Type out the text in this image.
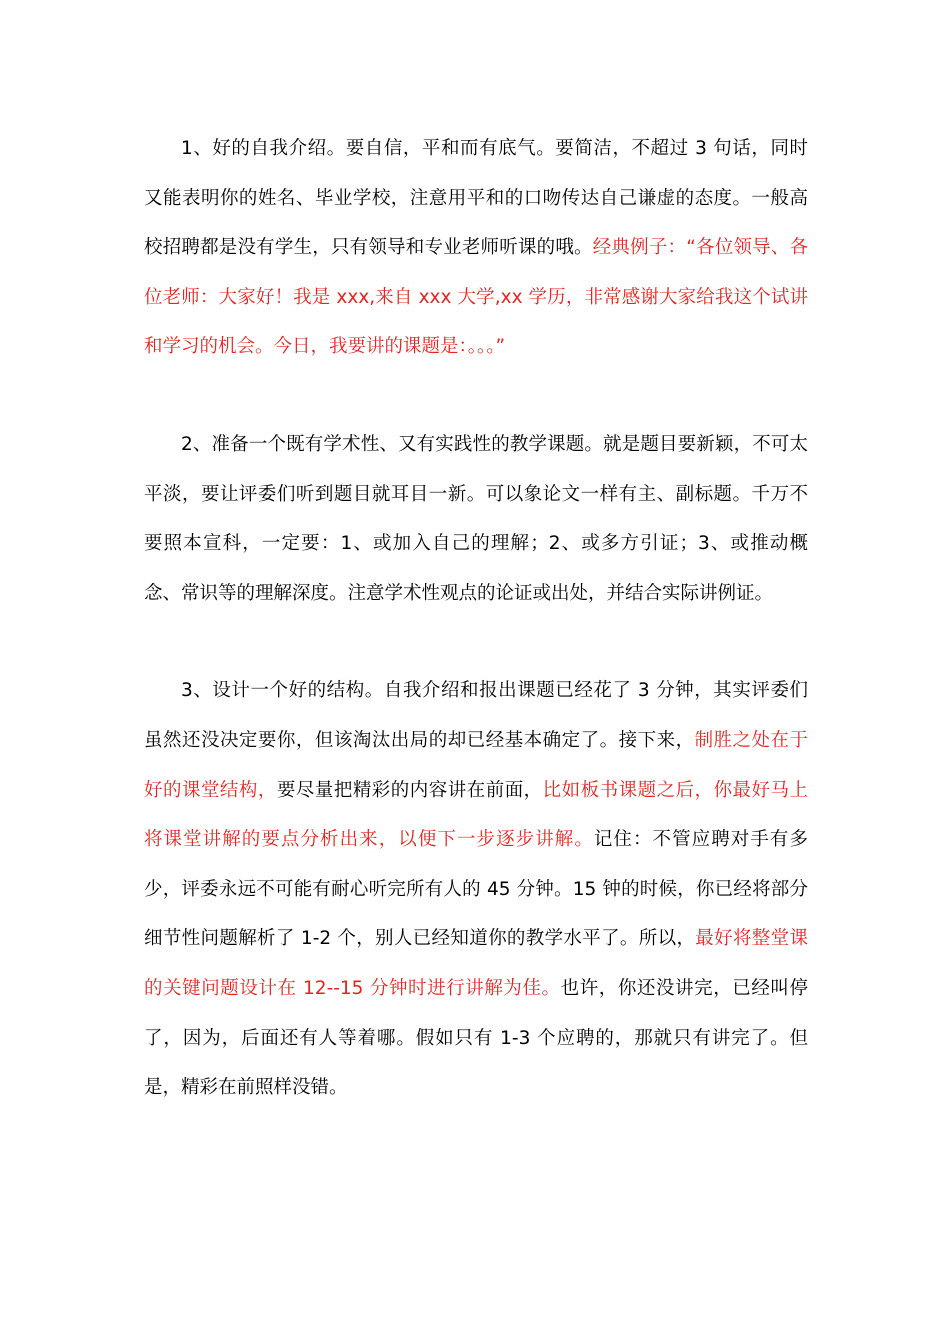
1、好的自我介绍。要自信，平和而有底气。要简洁，不超过 3 句话，同时又能表明你的姓名、毕业学校，注意用平和的口吻传达自己谦虚的态度。一般高校招聘都是没有学生，只有领导和专业老师听课的哦。经典例子：“各位领导、各位老师：大家好！我是 xxx,来自 xxx 大学,xx 学历，非常感谢大家给我这个试讲和学习的机会。今日，我要讲的课题是：。。。”

2、准备一个既有学术性、又有实践性的教学课题。就是题目要新颖，不可太平淡，要让评委们听到题目就耳目一新。可以象论文一样有主、副标题。千万不要照本宣科，一定要：1、或加入自己的理解；2、或多方引证；3、或推动概念、常识等的理解深度。注意学术性观点的论证或出处，并结合实际讲例证。

3、设计一个好的结构。自我介绍和报出课题已经花了 3 分钟，其实评委们虽然还没决定要你，但该淘汰出局的却已经基本确定了。接下来，制胜之处在于好的课堂结构，要尽量把精彩的内容讲在前面，比如板书课题之后，你最好马上将课堂讲解的要点分析出来，以便下一步逐步讲解。记住：不管应聘对手有多少，评委永远不可能有耐心听完所有人的 45 分钟。15 钟的时候，你已经将部分细节性问题解析了 1-2 个，别人已经知道你的教学水平了。所以，最好将整堂课的关键问题设计在 12--15 分钟时进行讲解为佳。也许，你还没讲完，已经叫停了，因为，后面还有人等着哪。假如只有 1-3 个应聘的，那就只有讲完了。但是，精彩在前照样没错。
